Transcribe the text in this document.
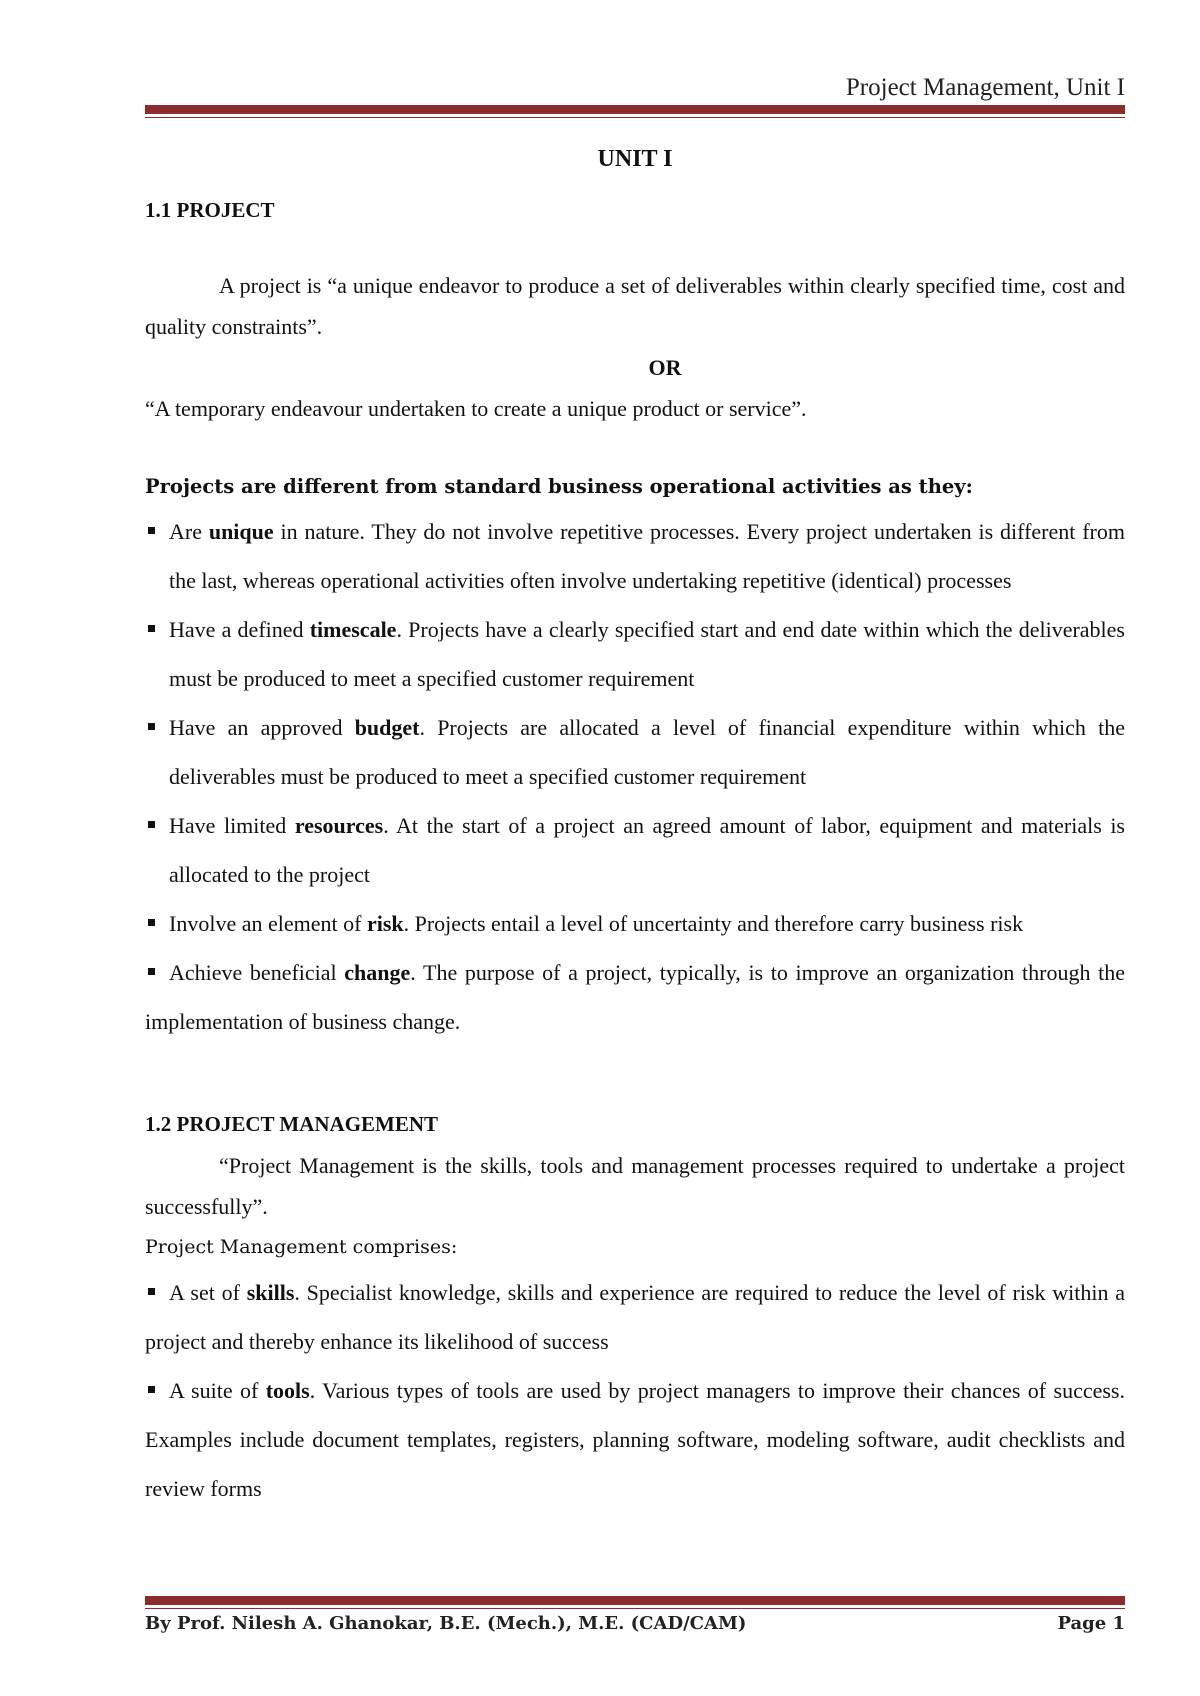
Project Management, Unit I
UNIT I

1.1 PROJECT

A project is “a unique endeavor to produce a set of deliverables within clearly specified time, cost and quality constraints”.

OR

“A temporary endeavour undertaken to create a unique product or service”.

Projects are different from standard business operational activities as they:

Are unique in nature. They do not involve repetitive processes. Every project undertaken is different from the last, whereas operational activities often involve undertaking repetitive (identical) processes
Have a defined timescale. Projects have a clearly specified start and end date within which the deliverables must be produced to meet a specified customer requirement
Have an approved budget. Projects are allocated a level of financial expenditure within which the deliverables must be produced to meet a specified customer requirement
Have limited resources. At the start of a project an agreed amount of labor, equipment and materials is allocated to the project
Involve an element of risk. Projects entail a level of uncertainty and therefore carry business risk
Achieve beneficial change. The purpose of a project, typically, is to improve an organization through the implementation of business change.

1.2 PROJECT MANAGEMENT

“Project Management is the skills, tools and management processes required to undertake a project successfully”.

Project Management comprises:

A set of skills. Specialist knowledge, skills and experience are required to reduce the level of risk within a project and thereby enhance its likelihood of success
A suite of tools. Various types of tools are used by project managers to improve their chances of success. Examples include document templates, registers, planning software, modeling software, audit checklists and review forms
By Prof. Nilesh A. Ghanokar, B.E. (Mech.), M.E. (CAD/CAM)	Page 1
